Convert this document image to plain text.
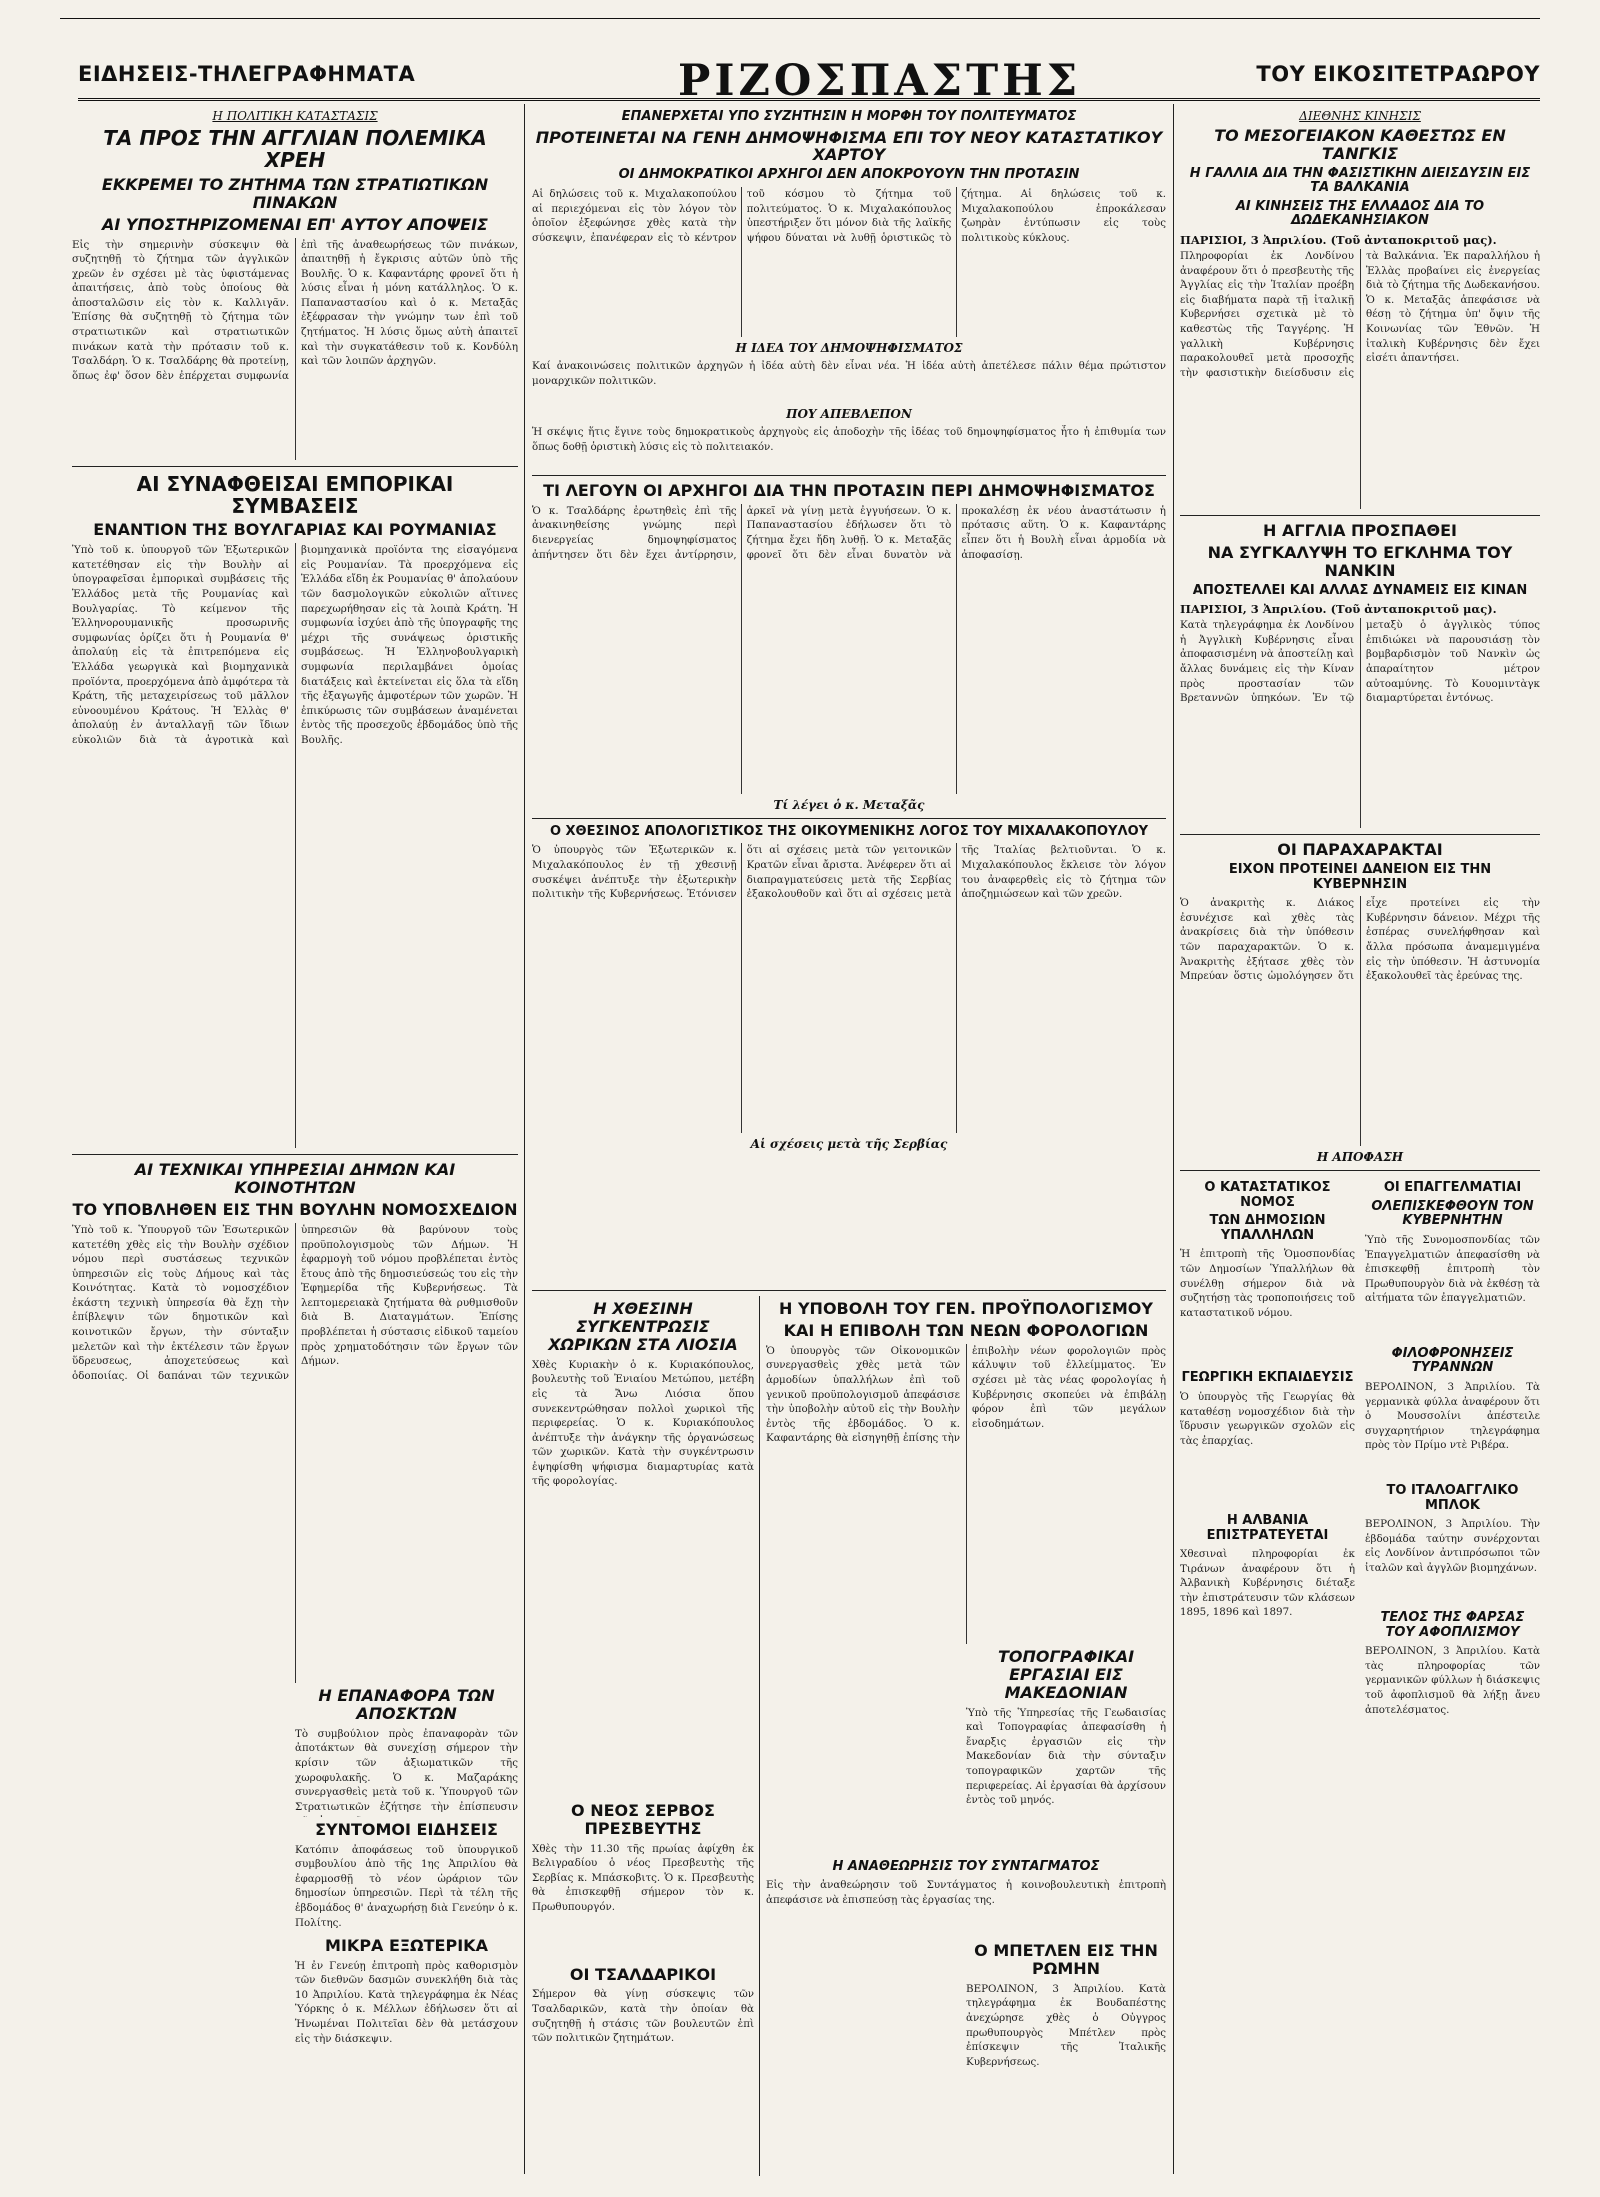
ΕΙΔΗΣΕΙΣ-ΤΗΛΕΓΡΑΦΗΜΑΤΑ	ΡΙΖΟΣΠΑΣΤΗΣ	ΤΟΥ ΕΙΚΟΣΙΤΕΤΡΑΩΡΟΥ
Η ΠΟΛΙΤΙΚΗ ΚΑΤΑΣΤΑΣΙΣ
ΤΑ ΠΡΟΣ ΤΗΝ ΑΓΓΛΙΑΝ ΠΟΛΕΜΙΚΑ ΧΡΕΗ
ΕΚΚΡΕΜΕΙ ΤΟ ΖΗΤΗΜΑ ΤΩΝ ΣΤΡΑΤΙΩΤΙΚΩΝ ΠΙΝΑΚΩΝ
ΑΙ ΥΠΟΣΤΗΡΙΖΟΜΕΝΑΙ ΕΠ' ΑΥΤΟΥ ΑΠΟΨΕΙΣ
Εἰς τὴν σημερινὴν σύσκεψιν θὰ συζητηθῇ τὸ ζήτημα τῶν ἀγγλικῶν χρεῶν ἐν σχέσει μὲ τὰς ὑφιστάμενας ἀπαιτήσεις, ἀπὸ τοὺς ὁποίους θὰ ἀποσταλῶσιν εἰς τὸν κ. Καλλιγᾶν. Ἐπίσης θὰ συζητηθῇ τὸ ζήτημα τῶν στρατιωτικῶν καὶ στρατιωτικῶν πινάκων κατὰ τὴν πρότασιν τοῦ κ. Τσαλδάρη. Ὁ κ. Τσαλδάρης θὰ προτείνῃ, ὅπως ἐφ' ὅσον δὲν ἐπέρχεται συμφωνία ἐπὶ τῆς ἀναθεωρήσεως τῶν πινάκων, ἀπαιτηθῇ ἡ ἔγκρισις αὐτῶν ὑπὸ τῆς Βουλῆς. Ὁ κ. Καφαντάρης φρονεῖ ὅτι ἡ λύσις εἶναι ἡ μόνη κατάλληλος. Ὁ κ. Παπαναστασίου καὶ ὁ κ. Μεταξᾶς ἐξέφρασαν τὴν γνώμην των ἐπὶ τοῦ ζητήματος. Ἡ λύσις ὅμως αὐτὴ ἀπαιτεῖ καὶ τὴν συγκατάθεσιν τοῦ κ. Κονδύλη καὶ τῶν λοιπῶν ἀρχηγῶν.
ΑΙ ΣΥΝΑΦΘΕΙΣΑΙ ΕΜΠΟΡΙΚΑΙ ΣΥΜΒΑΣΕΙΣ
ΕΝΑΝΤΙΟΝ ΤΗΣ ΒΟΥΛΓΑΡΙΑΣ ΚΑΙ ΡΟΥΜΑΝΙΑΣ
Ὑπὸ τοῦ κ. ὑπουργοῦ τῶν Ἐξωτερικῶν κατετέθησαν εἰς τὴν Βουλὴν αἱ ὑπογραφεῖσαι ἐμπορικαὶ συμβάσεις τῆς Ἑλλάδος μετὰ τῆς Ρουμανίας καὶ Βουλγαρίας. Τὸ κείμενον τῆς Ἑλληνορουμανικῆς προσωρινῆς συμφωνίας ὁρίζει ὅτι ἡ Ρουμανία θ' ἀπολαύῃ εἰς τὰ ἐπιτρεπόμενα εἰς Ἑλλάδα γεωργικὰ καὶ βιομηχανικὰ προϊόντα, προερχόμενα ἀπὸ ἀμφότερα τὰ Κράτη, τῆς μεταχειρίσεως τοῦ μᾶλλον εὐνοουμένου Κράτους. Ἡ Ἑλλὰς θ' ἀπολαύῃ ἐν ἀνταλλαγῇ τῶν ἴδιων εὐκολιῶν διὰ τὰ ἀγροτικὰ καὶ βιομηχανικὰ προϊόντα της εἰσαγόμενα εἰς Ρουμανίαν. Τὰ προερχόμενα εἰς Ἑλλάδα εἴδη ἐκ Ρουμανίας θ' ἀπολαύουν τῶν δασμολογικῶν εὐκολιῶν αἵτινες παρεχωρήθησαν εἰς τὰ λοιπὰ Κράτη. Ἡ συμφωνία ἰσχύει ἀπὸ τῆς ὑπογραφῆς της μέχρι τῆς συνάψεως ὁριστικῆς συμβάσεως. Ἡ Ἑλληνοβουλγαρικὴ συμφωνία περιλαμβάνει ὁμοίας διατάξεις καὶ ἐκτείνεται εἰς ὅλα τὰ εἴδη τῆς ἐξαγωγῆς ἀμφοτέρων τῶν χωρῶν. Ἡ ἐπικύρωσις τῶν συμβάσεων ἀναμένεται ἐντὸς τῆς προσεχοῦς ἑβδομάδος ὑπὸ τῆς Βουλῆς.
ΑΙ ΤΕΧΝΙΚΑΙ ΥΠΗΡΕΣΙΑΙ ΔΗΜΩΝ ΚΑΙ ΚΟΙΝΟΤΗΤΩΝ
ΤΟ ΥΠΟΒΛΗΘΕΝ ΕΙΣ ΤΗΝ ΒΟΥΛΗΝ ΝΟΜΟΣΧΕΔΙΟΝ
Ὑπὸ τοῦ κ. Ὑπουργοῦ τῶν Ἐσωτερικῶν κατετέθη χθὲς εἰς τὴν Βουλὴν σχέδιον νόμου περὶ συστάσεως τεχνικῶν ὑπηρεσιῶν εἰς τοὺς Δήμους καὶ τὰς Κοινότητας. Κατὰ τὸ νομοσχέδιον ἐκάστη τεχνικὴ ὑπηρεσία θὰ ἔχῃ τὴν ἐπίβλεψιν τῶν δημοτικῶν καὶ κοινοτικῶν ἔργων, τὴν σύνταξιν μελετῶν καὶ τὴν ἐκτέλεσιν τῶν ἔργων ὕδρευσεως, ἀποχετεύσεως καὶ ὁδοποιίας. Οἱ δαπάναι τῶν τεχνικῶν ὑπηρεσιῶν θὰ βαρύνουν τοὺς προϋπολογισμοὺς τῶν Δήμων. Ἡ ἐφαρμογὴ τοῦ νόμου προβλέπεται ἐντὸς ἔτους ἀπὸ τῆς δημοσιεύσεώς του εἰς τὴν Ἐφημερίδα τῆς Κυβερνήσεως. Τὰ λεπτομερειακὰ ζητήματα θὰ ρυθμισθοῦν διὰ Β. Διαταγμάτων. Ἐπίσης προβλέπεται ἡ σύστασις εἰδικοῦ ταμείου πρὸς χρηματοδότησιν τῶν ἔργων τῶν Δήμων.
Η ΕΠΑΝΑΦΟΡΑ ΤΩΝ ΑΠΟΣΚΤΩΝ
Τὸ συμβούλιον πρὸς ἐπαναφορὰν τῶν ἀποτάκτων θὰ συνεχίσῃ σήμερον τὴν κρίσιν τῶν ἀξιωματικῶν τῆς χωροφυλακῆς. Ὁ κ. Μαζαράκης συνεργασθεὶς μετὰ τοῦ κ. Ὑπουργοῦ τῶν Στρατιωτικῶν ἐζήτησε τὴν ἐπίσπευσιν
ΣΥΝΤΟΜΟΙ ΕΙΔΗΣΕΙΣ
Κατόπιν ἀποφάσεως τοῦ ὑπουργικοῦ συμβουλίου ἀπὸ τῆς 1ης Ἀπριλίου θὰ ἐφαρμοσθῇ τὸ νέον ὡράριον τῶν δημοσίων ὑπηρεσιῶν. Περὶ τὰ τέλη τῆς ἑβδομάδος θ' ἀναχωρήσῃ διὰ Γενεύην ὁ κ. Πολίτης.
ΜΙΚΡΑ ΕΞΩΤΕΡΙΚΑ
Ἡ ἐν Γενεύῃ ἐπιτροπὴ πρὸς καθορισμὸν τῶν διεθνῶν δασμῶν συνεκλήθη διὰ τὰς 10 Ἀπριλίου. Κατὰ τηλεγράφημα ἐκ Νέας Ὑόρκης ὁ κ. Μέλλων ἐδήλωσεν ὅτι αἱ Ἡνωμέναι Πολιτεῖαι δὲν θὰ μετάσχουν εἰς τὴν διάσκεψιν.
ΕΠΑΝΕΡΧΕΤΑΙ ΥΠΟ ΣΥΖΗΤΗΣΙΝ Η ΜΟΡΦΗ ΤΟΥ ΠΟΛΙΤΕΥΜΑΤΟΣ
ΠΡΟΤΕΙΝΕΤΑΙ ΝΑ ΓΕΝΗ ΔΗΜΟΨΗΦΙΣΜΑ ΕΠΙ ΤΟΥ ΝΕΟΥ ΚΑΤΑΣΤΑΤΙΚΟΥ ΧΑΡΤΟΥ
ΟΙ ΔΗΜΟΚΡΑΤΙΚΟΙ ΑΡΧΗΓΟΙ ΔΕΝ ΑΠΟΚΡΟΥΟΥΝ ΤΗΝ ΠΡΟΤΑΣΙΝ
Αἱ δηλώσεις τοῦ κ. Μιχαλακοπούλου αἱ περιεχόμεναι εἰς τὸν λόγον τὸν ὁποῖον ἐξεφώνησε χθὲς κατὰ τὴν σύσκεψιν, ἐπανέφεραν εἰς τὸ κέντρον τοῦ κόσμου τὸ ζήτημα τοῦ πολιτεύματος. Ὁ κ. Μιχαλακόπουλος ὑπεστήριξεν ὅτι μόνον διὰ τῆς λαϊκῆς ψήφου δύναται νὰ λυθῇ ὁριστικῶς τὸ ζήτημα. Αἱ δηλώσεις τοῦ κ. Μιχαλακοπούλου ἐπροκάλεσαν ζωηρὰν ἐντύπωσιν εἰς τοὺς πολιτικοὺς κύκλους.
Η ΙΔΕΑ ΤΟΥ ΔΗΜΟΨΗΦΙΣΜΑΤΟΣ
Καί ἀνακοινώσεις πολιτικῶν ἀρχηγῶν ἡ ἰδέα αὐτὴ δὲν εἶναι νέα. Ἡ ἰδέα αὐτὴ ἀπετέλεσε πάλιν θέμα πρώτιστον μοναρχικῶν πολιτικῶν.
ΠΟΥ ΑΠΕΒΛΕΠΟΝ
Ἡ σκέψις ἥτις ἔγινε τοὺς δημοκρατικοὺς ἀρχηγοὺς εἰς ἀποδοχὴν τῆς ἰδέας τοῦ δημοψηφίσματος ἦτο ἡ ἐπιθυμία των ὅπως δοθῇ ὁριστικὴ λύσις εἰς τὸ πολιτειακόν.
ΤΙ ΛΕΓΟΥΝ ΟΙ ΑΡΧΗΓΟΙ ΔΙΑ ΤΗΝ ΠΡΟΤΑΣΙΝ ΠΕΡΙ ΔΗΜΟΨΗΦΙΣΜΑΤΟΣ
Ὁ κ. Τσαλδάρης ἐρωτηθεὶς ἐπὶ τῆς ἀνακινηθείσης γνώμης περὶ διενεργείας δημοψηφίσματος ἀπήντησεν ὅτι δὲν ἔχει ἀντίρρησιν, ἀρκεῖ νὰ γίνῃ μετὰ ἐγγυήσεων. Ὁ κ. Παπαναστασίου ἐδήλωσεν ὅτι τὸ ζήτημα ἔχει ἤδη λυθῇ. Ὁ κ. Μεταξᾶς φρονεῖ ὅτι δὲν εἶναι δυνατὸν νὰ προκαλέσῃ ἐκ νέου ἀναστάτωσιν ἡ πρότασις αὕτη. Ὁ κ. Καφαντάρης εἶπεν ὅτι ἡ Βουλὴ εἶναι ἁρμοδία νὰ ἀποφασίσῃ.
Τί λέγει ὁ κ. Μεταξᾶς
Ο ΧΘΕΣΙΝΟΣ ΑΠΟΛΟΓΙΣΤΙΚΟΣ ΤΗΣ ΟΙΚΟΥΜΕΝΙΚΗΣ ΛΟΓΟΣ ΤΟΥ ΜΙΧΑΛΑΚΟΠΟΥΛΟΥ
Ὁ ὑπουργὸς τῶν Ἐξωτερικῶν κ. Μιχαλακόπουλος ἐν τῇ χθεσινῇ συσκέψει ἀνέπτυξε τὴν ἐξωτερικὴν πολιτικὴν τῆς Κυβερνήσεως. Ἐτόνισεν ὅτι αἱ σχέσεις μετὰ τῶν γειτονικῶν Κρατῶν εἶναι ἄριστα. Ἀνέφερεν ὅτι αἱ διαπραγματεύσεις μετὰ τῆς Σερβίας ἐξακολουθοῦν καὶ ὅτι αἱ σχέσεις μετὰ τῆς Ἰταλίας βελτιοῦνται. Ὁ κ. Μιχαλακόπουλος ἔκλεισε τὸν λόγον του ἀναφερθεὶς εἰς τὸ ζήτημα τῶν ἀποζημιώσεων καὶ τῶν χρεῶν.
Αἱ σχέσεις μετὰ τῆς Σερβίας
Η ΧΘΕΣΙΝΗ ΣΥΓΚΕΝΤΡΩΣΙΣ ΧΩΡΙΚΩΝ ΣΤΑ ΛΙΟΣΙΑ
Χθὲς Κυριακὴν ὁ κ. Κυριακόπουλος, βουλευτὴς τοῦ Ἐνιαίου Μετώπου, μετέβη εἰς τὰ Ἄνω Λιόσια ὅπου συνεκεντρώθησαν πολλοὶ χωρικοὶ τῆς περιφερείας. Ὁ κ. Κυριακόπουλος ἀνέπτυξε τὴν ἀνάγκην τῆς ὀργανώσεως τῶν χωρικῶν. Κατὰ τὴν συγκέντρωσιν ἐψηφίσθη ψήφισμα διαμαρτυρίας κατὰ τῆς φορολογίας.
Ο ΝΕΟΣ ΣΕΡΒΟΣ ΠΡΕΣΒΕΥΤΗΣ
Χθὲς τὴν 11.30 τῆς πρωίας ἀφίχθη ἐκ Βελιγραδίου ὁ νέος Πρεσβευτὴς τῆς Σερβίας κ. Μπάσκοβιτς. Ὁ κ. Πρεσβευτὴς θὰ ἐπισκεφθῇ σήμερον τὸν κ. Πρωθυπουργόν.
ΟΙ ΤΣΑΛΔΑΡΙΚΟΙ
Σήμερον θὰ γίνῃ σύσκεψις τῶν Τσαλδαρικῶν, κατὰ τὴν ὁποίαν θὰ συζητηθῇ ἡ στάσις τῶν βουλευτῶν ἐπὶ τῶν πολιτικῶν ζητημάτων.
Η ΥΠΟΒΟΛΗ ΤΟΥ ΓΕΝ. ΠΡΟΫΠΟΛΟΓΙΣΜΟΥ
ΚΑΙ Η ΕΠΙΒΟΛΗ ΤΩΝ ΝΕΩΝ ΦΟΡΟΛΟΓΙΩΝ
Ὁ ὑπουργὸς τῶν Οἰκονομικῶν συνεργασθεὶς χθὲς μετὰ τῶν ἁρμοδίων ὑπαλλήλων ἐπὶ τοῦ γενικοῦ προϋπολογισμοῦ ἀπεφάσισε τὴν ὑποβολὴν αὐτοῦ εἰς τὴν Βουλὴν ἐντὸς τῆς ἑβδομάδος. Ὁ κ. Καφαντάρης θὰ εἰσηγηθῇ ἐπίσης τὴν ἐπιβολὴν νέων φορολογιῶν πρὸς κάλυψιν τοῦ ἐλλείμματος. Ἐν σχέσει μὲ τὰς νέας φορολογίας ἡ Κυβέρνησις σκοπεύει νὰ ἐπιβάλῃ φόρον ἐπὶ τῶν μεγάλων εἰσοδημάτων.
ΤΟΠΟΓΡΑΦΙΚΑΙ ΕΡΓΑΣΙΑΙ ΕΙΣ ΜΑΚΕΔΟΝΙΑΝ
Ὑπὸ τῆς Ὑπηρεσίας τῆς Γεωδαισίας καὶ Τοπογραφίας ἀπεφασίσθη ἡ ἔναρξις ἐργασιῶν εἰς τὴν Μακεδονίαν διὰ τὴν σύνταξιν τοπογραφικῶν χαρτῶν τῆς περιφερείας. Αἱ ἐργασίαι θὰ ἀρχίσουν ἐντὸς τοῦ μηνός.
Η ΑΝΑΘΕΩΡΗΣΙΣ ΤΟΥ ΣΥΝΤΑΓΜΑΤΟΣ
Εἰς τὴν ἀναθεώρησιν τοῦ Συντάγματος ἡ κοινοβουλευτικὴ ἐπιτροπὴ ἀπεφάσισε νὰ ἐπισπεύσῃ τὰς ἐργασίας της.
Ο ΜΠΕΤΛΕΝ ΕΙΣ ΤΗΝ ΡΩΜΗΝ
ΒΕΡΟΛΙΝΟΝ, 3 Ἀπριλίου. Κατὰ τηλεγράφημα ἐκ Βουδαπέστης ἀνεχώρησε χθὲς ὁ Οὐγγρος πρωθυπουργὸς Μπέτλεν πρὸς ἐπίσκεψιν τῆς Ἰταλικῆς Κυβερνήσεως.
ΔΙΕΘΝΗΣ ΚΙΝΗΣΙΣ
ΤΟ ΜΕΣΟΓΕΙΑΚΟΝ ΚΑΘΕΣΤΩΣ ΕΝ ΤΑΝΓΚΙΣ
Η ΓΑΛΛΙΑ ΔΙΑ ΤΗΝ ΦΑΣΙΣΤΙΚΗΝ ΔΙΕΙΣΔΥΣΙΝ ΕΙΣ ΤΑ ΒΑΛΚΑΝΙΑ
ΑΙ ΚΙΝΗΣΕΙΣ ΤΗΣ ΕΛΛΑΔΟΣ ΔΙΑ ΤΟ ΔΩΔΕΚΑΝΗΣΙΑΚΟΝ
ΠΑΡΙΣΙΟΙ, 3 Ἀπριλίου. (Τοῦ ἀνταποκριτοῦ μας).
Πληροφορίαι ἐκ Λονδίνου ἀναφέρουν ὅτι ὁ πρεσβευτὴς τῆς Ἀγγλίας εἰς τὴν Ἰταλίαν προέβη εἰς διαβήματα παρὰ τῇ ἰταλικῇ Κυβερνήσει σχετικὰ μὲ τὸ καθεστὼς τῆς Ταγγέρης. Ἡ γαλλικὴ Κυβέρνησις παρακολουθεῖ μετὰ προσοχῆς τὴν φασιστικὴν διείσδυσιν εἰς τὰ Βαλκάνια. Ἐκ παραλλήλου ἡ Ἑλλὰς προβαίνει εἰς ἐνεργείας διὰ τὸ ζήτημα τῆς Δωδεκανήσου. Ὁ κ. Μεταξᾶς ἀπεφάσισε νὰ θέσῃ τὸ ζήτημα ὑπ' ὄψιν τῆς Κοινωνίας τῶν Ἐθνῶν. Ἡ ἰταλικὴ Κυβέρνησις δὲν ἔχει εἰσέτι ἀπαντήσει.
Η ΑΓΓΛΙΑ ΠΡΟΣΠΑΘΕΙ
ΝΑ ΣΥΓΚΑΛΥΨΗ ΤΟ ΕΓΚΛΗΜΑ ΤΟΥ ΝΑΝΚΙΝ
ΑΠΟΣΤΕΛΛΕΙ ΚΑΙ ΑΛΛΑΣ ΔΥΝΑΜΕΙΣ ΕΙΣ ΚΙΝΑΝ
ΠΑΡΙΣΙΟΙ, 3 Ἀπριλίου. (Τοῦ ἀνταποκριτοῦ μας).
Κατὰ τηλεγράφημα ἐκ Λονδίνου ἡ Ἀγγλικὴ Κυβέρνησις εἶναι ἀποφασισμένη νὰ ἀποστείλῃ καὶ ἄλλας δυνάμεις εἰς τὴν Κίναν πρὸς προστασίαν τῶν Βρεταννῶν ὑπηκόων. Ἐν τῷ μεταξὺ ὁ ἀγγλικὸς τύπος ἐπιδιώκει νὰ παρουσιάσῃ τὸν βομβαρδισμὸν τοῦ Νανκὶν ὡς ἀπαραίτητον μέτρον αὐτοαμύνης. Τὸ Κουομιντὰγκ διαμαρτύρεται ἐντόνως.
ΟΙ ΠΑΡΑΧΑΡΑΚΤΑΙ
ΕΙΧΟΝ ΠΡΟΤΕΙΝΕΙ ΔΑΝΕΙΟΝ ΕΙΣ ΤΗΝ ΚΥΒΕΡΝΗΣΙΝ
Ὁ ἀνακριτὴς κ. Διάκος ἐσυνέχισε καὶ χθὲς τὰς ἀνακρίσεις διὰ τὴν ὑπόθεσιν τῶν παραχαρακτῶν. Ὁ κ. Ἀνακριτὴς ἐξήτασε χθὲς τὸν Μπρεύαν ὅστις ὡμολόγησεν ὅτι εἶχε προτείνει εἰς τὴν Κυβέρνησιν δάνειον. Μέχρι τῆς ἑσπέρας συνελήφθησαν καὶ ἄλλα πρόσωπα ἀναμεμιγμένα εἰς τὴν ὑπόθεσιν. Ἡ ἀστυνομία ἐξακολουθεῖ τὰς ἐρεύνας της.
Η ΑΠΟΦΑΣΗ
Ο ΚΑΤΑΣΤΑΤΙΚΟΣ ΝΟΜΟΣ
ΤΩΝ ΔΗΜΟΣΙΩΝ ΥΠΑΛΛΗΛΩΝ
Ἡ ἐπιτροπὴ τῆς Ὁμοσπονδίας τῶν Δημοσίων Ὑπαλλήλων θὰ συνέλθῃ σήμερον διὰ νὰ συζητήσῃ τὰς τροποποιήσεις τοῦ καταστατικοῦ νόμου.
ΓΕΩΡΓΙΚΗ ΕΚΠΑΙΔΕΥΣΙΣ
Ὁ ὑπουργὸς τῆς Γεωργίας θὰ καταθέσῃ νομοσχέδιον διὰ τὴν ἵδρυσιν γεωργικῶν σχολῶν εἰς τὰς ἐπαρχίας.
Η ΑΛΒΑΝΙΑ ΕΠΙΣΤΡΑΤΕΥΕΤΑΙ
Χθεσιναὶ πληροφορίαι ἐκ Τιράνων ἀναφέρουν ὅτι ἡ Ἀλβανικὴ Κυβέρνησις διέταξε τὴν ἐπιστράτευσιν τῶν κλάσεων 1895, 1896 καὶ 1897.
ΟΙ ΕΠΑΓΓΕΛΜΑΤΙΑΙ
ΟΛΕΠΙΣΚΕΦΘΟΥΝ ΤΟΝ ΚΥΒΕΡΝΗΤΗΝ
Ὑπὸ τῆς Συνομοσπονδίας τῶν Ἐπαγγελματιῶν ἀπεφασίσθη νὰ ἐπισκεφθῇ ἐπιτροπὴ τὸν Πρωθυπουργὸν διὰ νὰ ἐκθέσῃ τὰ αἰτήματα τῶν ἐπαγγελματιῶν.
ΦΙΛΟΦΡΟΝΗΣΕΙΣ ΤΥΡΑΝΝΩΝ
ΒΕΡΟΛΙΝΟΝ, 3 Ἀπριλίου. Τὰ γερμανικὰ φύλλα ἀναφέρουν ὅτι ὁ Μουσσολίνι ἀπέστειλε συγχαρητήριον τηλεγράφημα πρὸς τὸν Πρίμο ντὲ Ριβέρα.
ΤΟ ΙΤΑΛΟΑΓΓΛΙΚΟ ΜΠΛΟΚ
ΒΕΡΟΛΙΝΟΝ, 3 Ἀπριλίου. Τὴν ἑβδομάδα ταύτην συνέρχονται εἰς Λονδίνον ἀντιπρόσωποι τῶν ἰταλῶν καὶ ἀγγλῶν βιομηχάνων.
ΤΕΛΟΣ ΤΗΣ ΦΑΡΣΑΣ ΤΟΥ ΑΦΟΠΛΙΣΜΟΥ
ΒΕΡΟΛΙΝΟΝ, 3 Ἀπριλίου. Κατὰ τὰς πληροφορίας τῶν γερμανικῶν φύλλων ἡ διάσκεψις τοῦ ἀφοπλισμοῦ θὰ λήξῃ ἄνευ ἀποτελέσματος.
